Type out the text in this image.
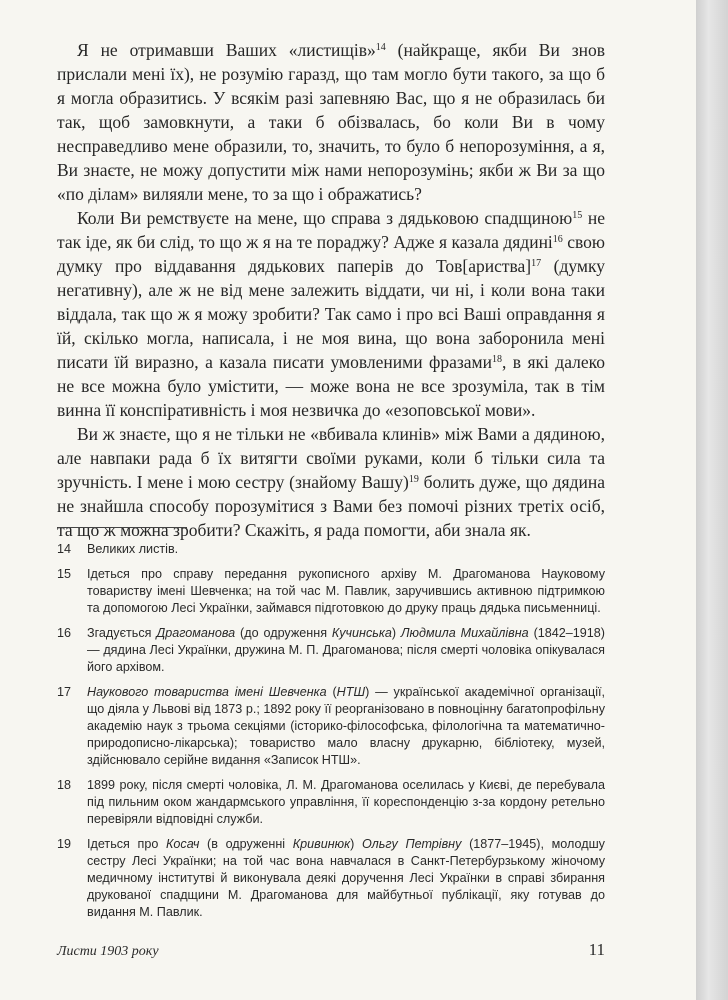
Я не отримавши Ваших «листищів»$^{14}$ (найкраще, якби Ви знов прислали мені їх), не розумію гаразд, що там могло бути такого, за що б я могла образитись. У всякім разі запевняю Вас, що я не образилась би так, щоб замовкнути, а таки б обізвалась, бо коли Ви в чому несправедливо мене образили, то, значить, то було б непорозуміння, а я, Ви знаєте, не можу допустити між нами непорозумінь; якби ж Ви за що «по ділам» виляяли мене, то за що і ображатись?

Коли Ви ремствуєте на мене, що справа з дядьковою спадщиною$^{15}$ не так іде, як би слід, то що ж я на те пораджу? Адже я казала дядині$^{16}$ свою думку про віддавання дядькових паперів до Тов[ариства]$^{17}$ (думку негативну), але ж не від мене залежить віддати, чи ні, і коли вона таки віддала, так що ж я можу зробити? Так само і про всі Ваші оправдання я їй, скілько могла, написала, і не моя вина, що вона заборонила мені писати їй виразно, а казала писати умовленими фразами$^{18}$, в які далеко не все можна було умістити, — може вона не все зрозуміла, так в тім винна її конспіративність і моя незвичка до «езоповської мови».

Ви ж знаєте, що я не тільки не «вбивала клинів» між Вами а дядиною, але навпаки рада б їх витягти своїми руками, коли б тільки сила та зручність. І мене і мою сестру (знайому Вашу)$^{19}$ болить дуже, що дядина не знайшла способу порозумітися з Вами без помочі різних третіх осіб, та що ж можна зробити? Скажіть, я рада помогти, аби знала як.

14	Великих листів.
15	Ідеться про справу передання рукописного архіву М. Драгоманова Науковому товариству імені Шевченка; на той час М. Павлик, заручившись активною підтримкою та допомогою Лесі Українки, займався підготовкою до друку праць дядька письменниці.
16	Згадується Драгоманова (до одруження Кучинська) Людмила Михайлівна (1842–1918) — дядина Лесі Українки, дружина М. П. Драгоманова; після смерті чоловіка опікувалася його архівом.
17	Наукового товариства імені Шевченка (НТШ) — української академічної організації, що діяла у Львові від 1873 р.; 1892 року її реорганізовано в повноцінну багатопрофільну академію наук з трьома секціями (історико-філософська, філологічна та математично-природописно-лікарська); товариство мало власну друкарню, бібліотеку, музей, здійснювало серійне видання «Записок НТШ».
18	1899 року, після смерті чоловіка, Л. М. Драгоманова оселилась у Києві, де перебувала під пильним оком жандармського управління, її кореспонденцію з-за кордону ретельно перевіряли відповідні служби.
19	Ідеться про Косач (в одруженні Кривинюк) Ольгу Петрівну (1877–1945), молодшу сестру Лесі Українки; на той час вона навчалася в Санкт-Петербурзькому жіночому медичному інститутві й виконувала деякі доручення Лесі Українки в справі збирання друкованої спадщини М. Драгоманова для майбутньої публікації, яку готував до видання М. Павлик.
Листи 1903 року	11
